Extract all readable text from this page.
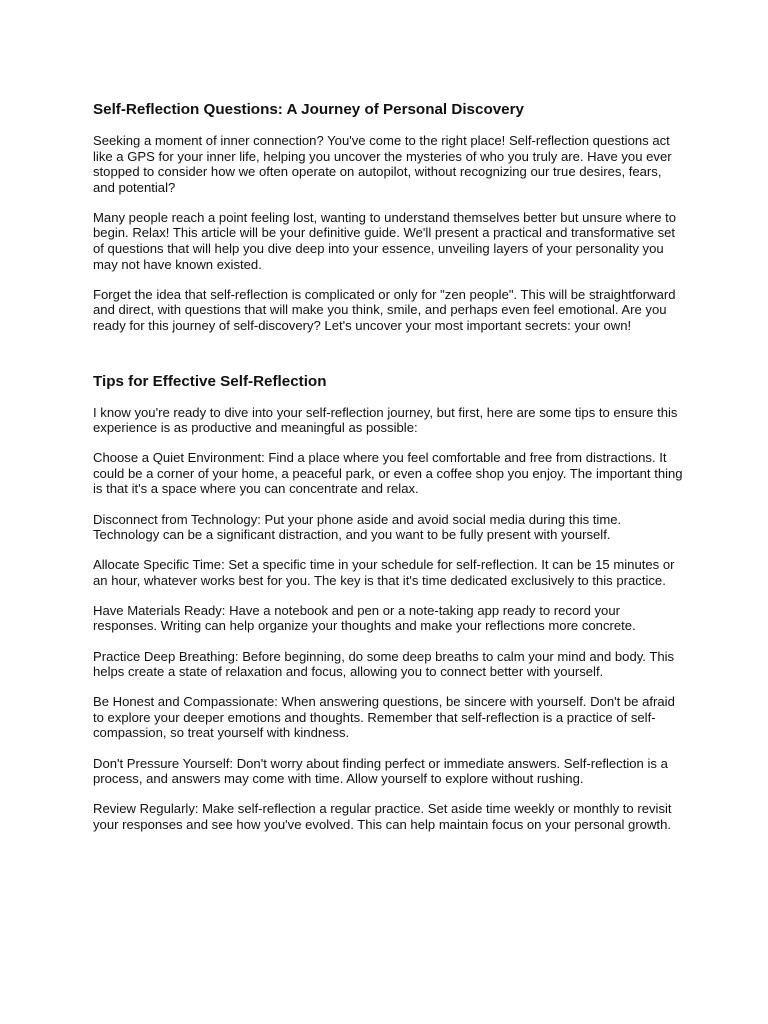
Self-Reflection Questions: A Journey of Personal Discovery

Seeking a moment of inner connection? You've come to the right place! Self-reflection questions act like a GPS for your inner life, helping you uncover the mysteries of who you truly are. Have you ever stopped to consider how we often operate on autopilot, without recognizing our true desires, fears, and potential?

Many people reach a point feeling lost, wanting to understand themselves better but unsure where to begin. Relax! This article will be your definitive guide. We'll present a practical and transformative set of questions that will help you dive deep into your essence, unveiling layers of your personality you may not have known existed.

Forget the idea that self-reflection is complicated or only for "zen people". This will be straightforward and direct, with questions that will make you think, smile, and perhaps even feel emotional. Are you ready for this journey of self-discovery? Let's uncover your most important secrets: your own!

Tips for Effective Self-Reflection

I know you're ready to dive into your self-reflection journey, but first, here are some tips to ensure this experience is as productive and meaningful as possible:

Choose a Quiet Environment: Find a place where you feel comfortable and free from distractions. It could be a corner of your home, a peaceful park, or even a coffee shop you enjoy. The important thing is that it's a space where you can concentrate and relax.

Disconnect from Technology: Put your phone aside and avoid social media during this time. Technology can be a significant distraction, and you want to be fully present with yourself.

Allocate Specific Time: Set a specific time in your schedule for self-reflection. It can be 15 minutes or an hour, whatever works best for you. The key is that it's time dedicated exclusively to this practice.

Have Materials Ready: Have a notebook and pen or a note-taking app ready to record your responses. Writing can help organize your thoughts and make your reflections more concrete.

Practice Deep Breathing: Before beginning, do some deep breaths to calm your mind and body. This helps create a state of relaxation and focus, allowing you to connect better with yourself.

Be Honest and Compassionate: When answering questions, be sincere with yourself. Don't be afraid to explore your deeper emotions and thoughts. Remember that self-reflection is a practice of self-compassion, so treat yourself with kindness.

Don't Pressure Yourself: Don't worry about finding perfect or immediate answers. Self-reflection is a process, and answers may come with time. Allow yourself to explore without rushing.

Review Regularly: Make self-reflection a regular practice. Set aside time weekly or monthly to revisit your responses and see how you've evolved. This can help maintain focus on your personal growth.
